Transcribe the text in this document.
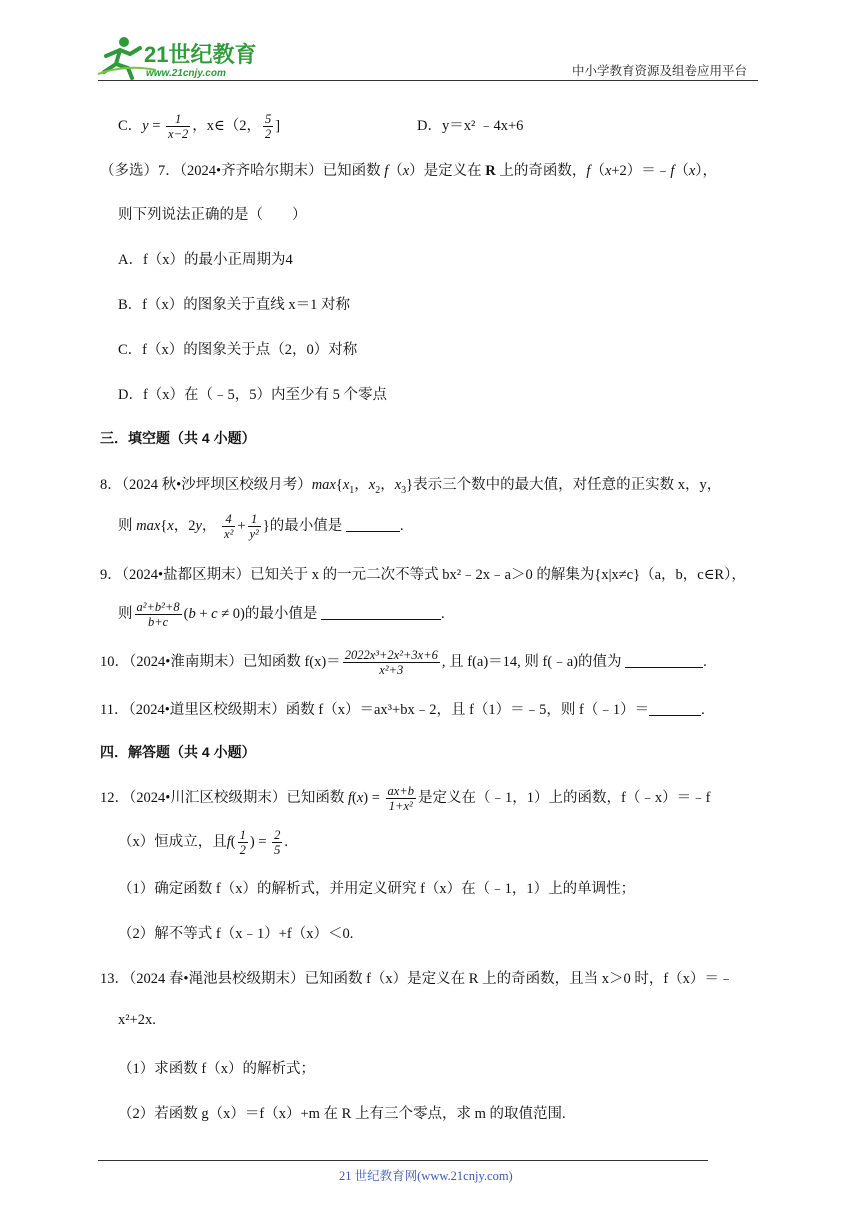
21世纪教育
www.21cnjy.com	中小学教育资源及组卷应用平台
C．$y = \frac{1}{x-2}$ ，x∈（2， $\frac{5}{2}$ ]	D．y＝x² ﹣4x+6
（多选）7．（2024•齐齐哈尔期末）已知函数 f（x）是定义在 R 上的奇函数，f（x+2）＝﹣f（x），
则下列说法正确的是（　　）
A．f（x）的最小正周期为4
B．f（x）的图象关于直线 x＝1 对称
C．f（x）的图象关于点（2，0）对称
D．f（x）在（﹣5，5）内至少有 5 个零点
三．填空题（共 4 小题）
8．（2024 秋•沙坪坝区校级月考）$\max\{x_1$，$x_2$，$x_3$}表示三个数中的最大值，对任意的正实数 x，y，
则 max{x，2y， $\frac{4}{\text{x²}} + \frac{1}{\text{y²}}$ }的最小值是	.
9．（2024•盐都区期末）已知关于 x 的一元二次不等式 bx²﹣2x﹣a＞0 的解集为{x|x≠c}（a，b，c∈R），
则 $\frac{\text{a²+b²+8}}{b+c} (b + c \ne 0)$的最小值是	.
10．（2024•淮南期末）已知函数 $f(x)= \frac{\text{2022x³+2x²+3x+6}}{\text{x²+3}}$ , 且 f(a)＝14, 则 f(﹣a)的值为	.
11．（2024•道里区校级期末）函数 f（x）＝ax³+bx﹣2，且 f（1）＝﹣5，则 f（﹣1）＝	.
四．解答题（共 4 小题）
12．（2024•川汇区校级期末）已知函数 $f(x) = \frac{ax+b}{\text{1+x²}}$ 是定义在（﹣1，1）上的函数，f（﹣x）＝﹣f
（x）恒成立，且$f( \frac{1}{2}$ ) = $\frac{2}{5}$ .
（1）确定函数 f（x）的解析式，并用定义研究 f（x）在（﹣1，1）上的单调性；
（2）解不等式 f（x﹣1）+f（x）＜0.
13．（2024 春•渑池县校级期末）已知函数 f（x）是定义在 R 上的奇函数，且当 x＞0 时，f（x）＝﹣
x²+2x.
（1）求函数 f（x）的解析式；
（2）若函数 g（x）＝f（x）+m 在 R 上有三个零点，求 m 的取值范围.
21 世纪教育网(www.21cnjy.com)
